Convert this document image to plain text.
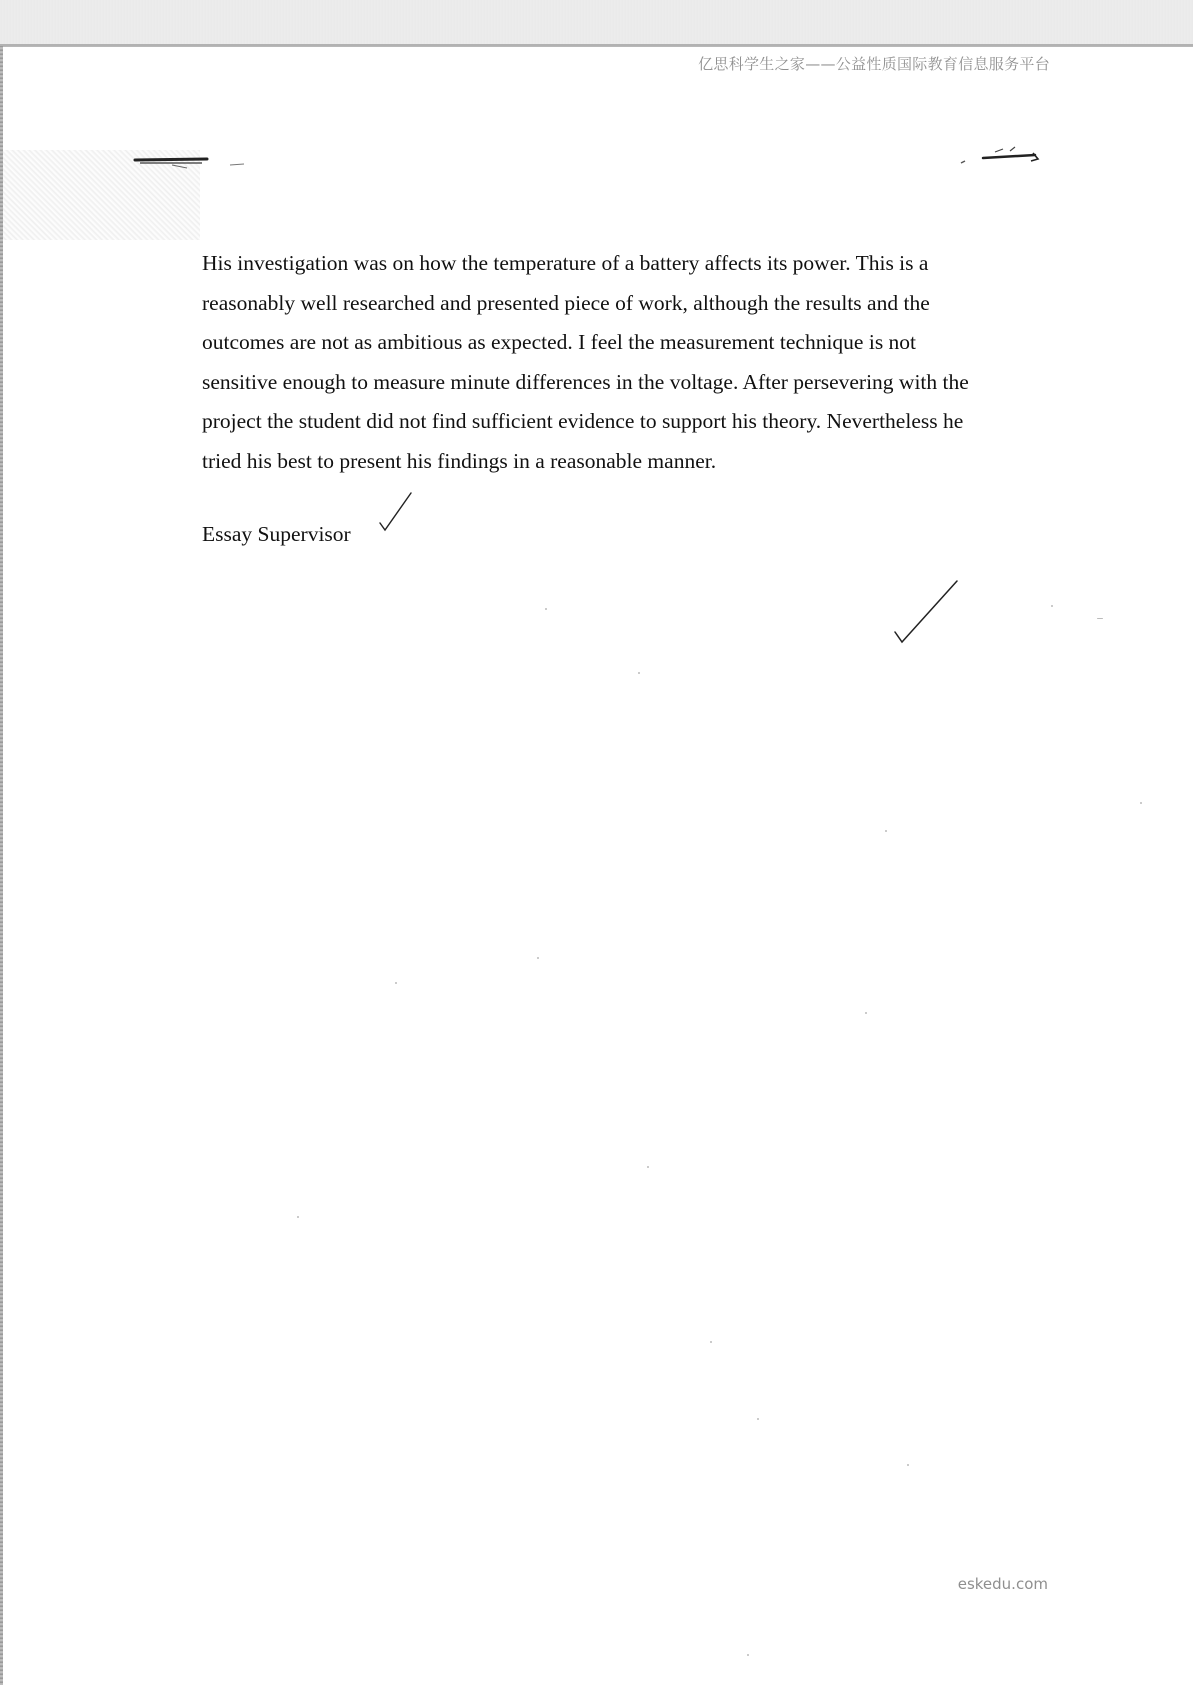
亿思科学生之家——公益性质国际教育信息服务平台
His investigation was on how the temperature of a battery affects its power. This is a
reasonably well researched and presented piece of work, although the results and the
outcomes are not as ambitious as expected. I feel the measurement technique is not
sensitive enough to measure minute differences in the voltage. After persevering with the
project the student did not find sufficient evidence to support his theory. Nevertheless he
tried his best to present his findings in a reasonable manner.
Essay Supervisor
eskedu.com
